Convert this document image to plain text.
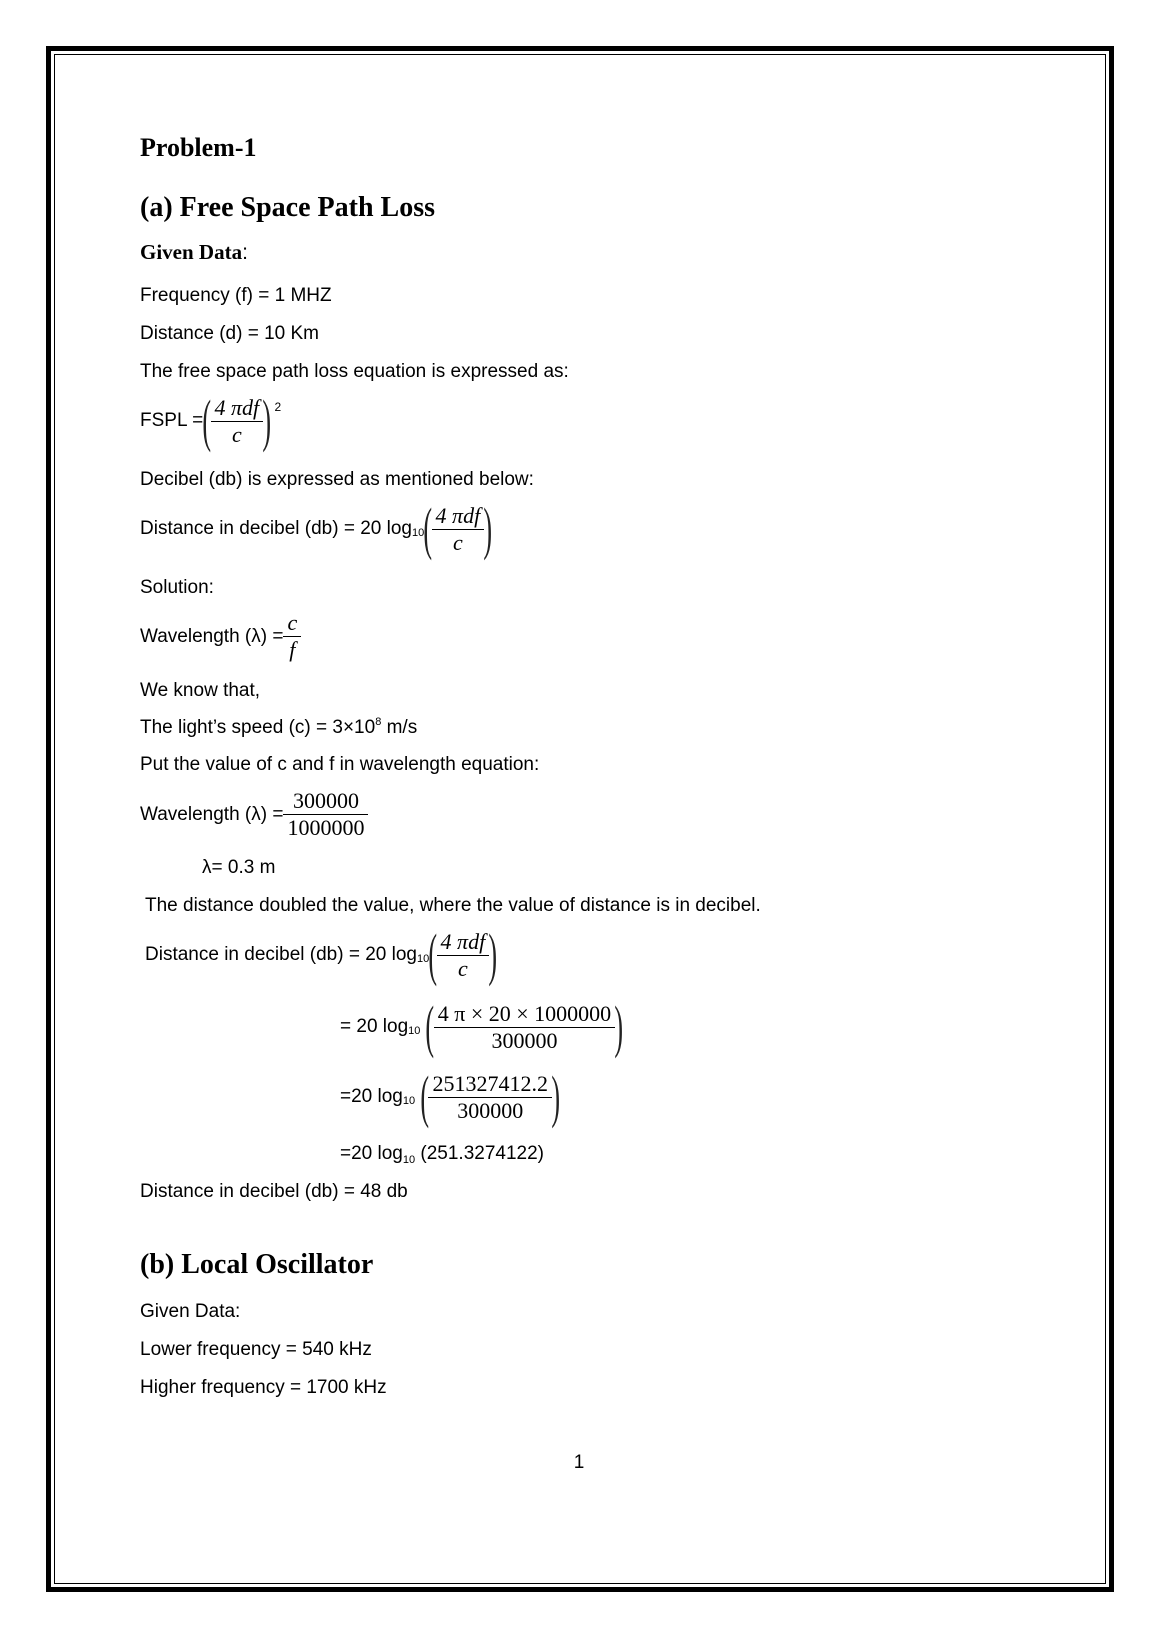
Problem-1
(a) Free Space Path Loss
Given Data:
Frequency (f) = 1 MHZ
Distance (d) = 10 Km
The free space path loss equation is expressed as:
FSPL = ( $\frac{\text{4 πdf}}{c}$ ) 2
Decibel (db) is expressed as mentioned below:
Distance in decibel (db) = 20 log 10 ( $\frac{\text{4 πdf}}{c}$ )
Solution:
Wavelength $(\lambda) = \frac{c}{f}$
We know that,
The light’s speed $(c) = 3\times 10^8$ m/s
Put the value of c and f in wavelength equation:
Wavelength $(\lambda) = \frac{300000}{1000000}$
λ= 0.3 m
The distance doubled the value, where the value of distance is in decibel.
Distance in decibel (db) = 20 log 10 ( $\frac{\text{4 πdf}}{c}$ )
= 20 log 10 ( $\frac{4 \pi \times 20 \times 1000000}{300000}$ )
=20 log 10 ( $\frac{251327412.2}{300000}$ )
=20 $\log_{10} (251.3274122)$
Distance in decibel (db) = 48 db
(b) Local Oscillator
Given Data:
Lower frequency = 540 kHz
Higher frequency = 1700 kHz
1
